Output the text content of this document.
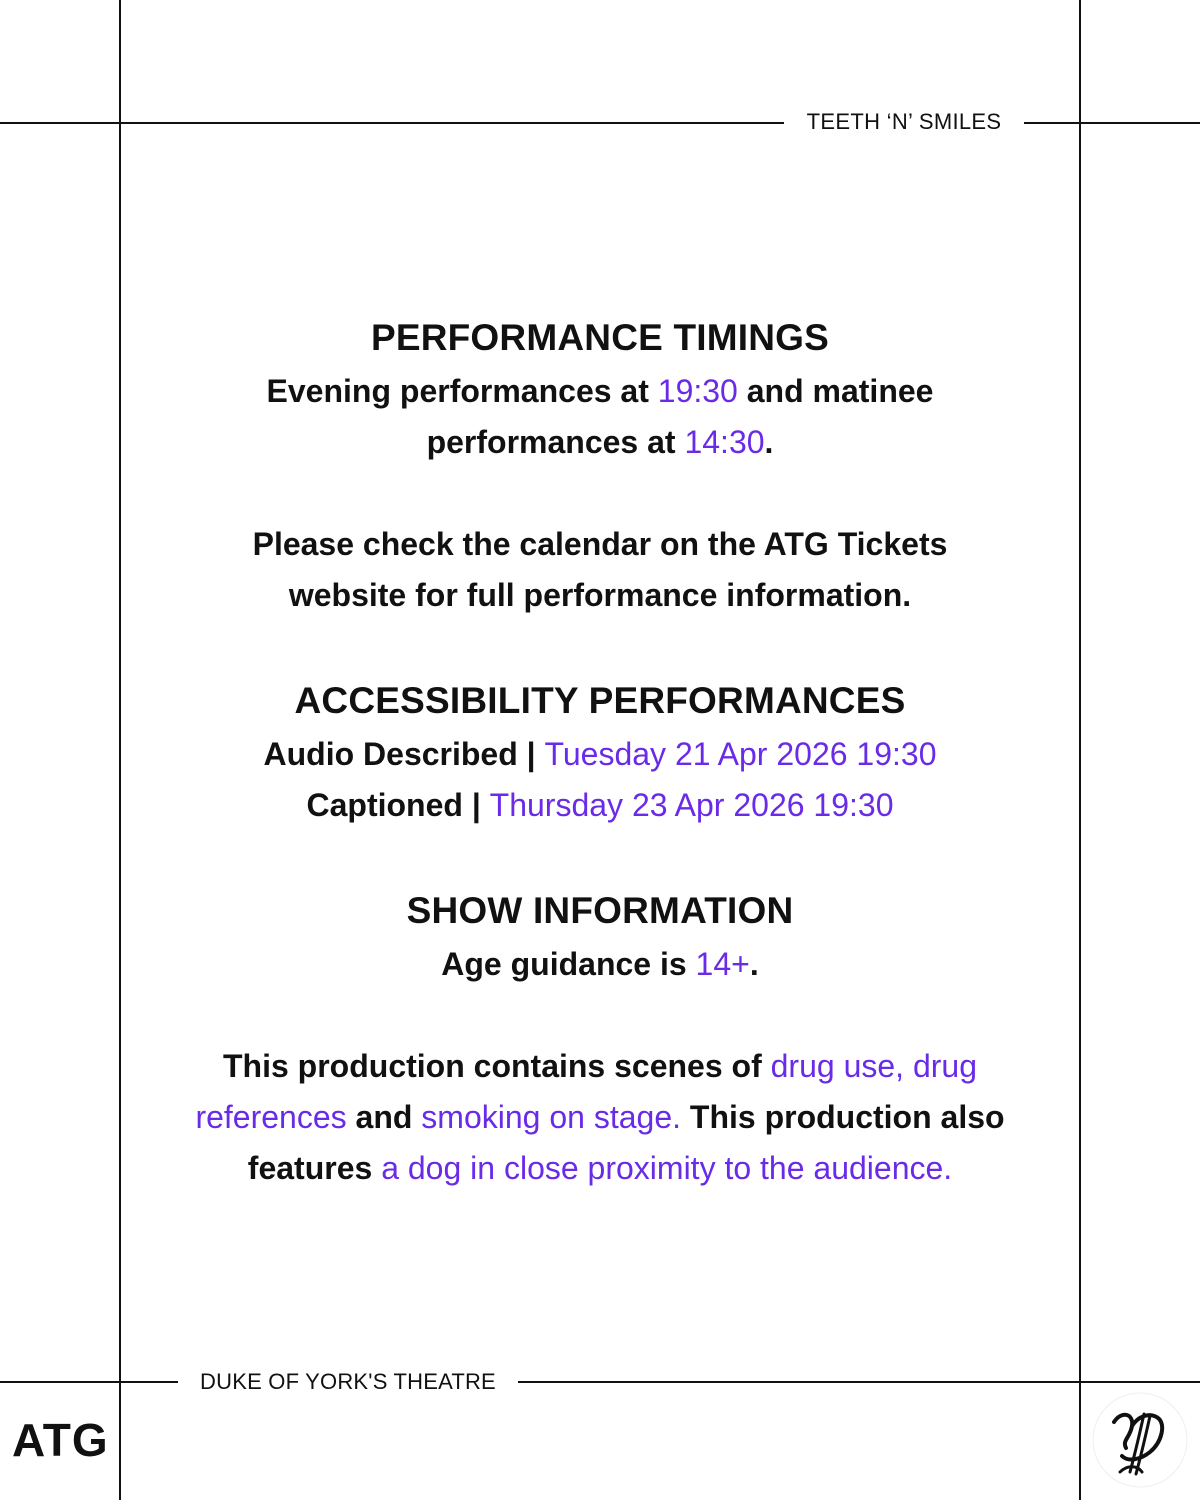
TEETH ‘N’ SMILES
DUKE OF YORK'S THEATRE

PERFORMANCE TIMINGS

Evening performances at 19:30 and matinee

performances at 14:30.

Please check the calendar on the ATG Tickets

website for full performance information.

ACCESSIBILITY PERFORMANCES

Audio Described | Tuesday 21 Apr 2026 19:30

Captioned | Thursday 23 Apr 2026 19:30

SHOW INFORMATION

Age guidance is 14+.

This production contains scenes of drug use, drug

references and smoking on stage. This production also

features a dog in close proximity to the audience.

ATG
